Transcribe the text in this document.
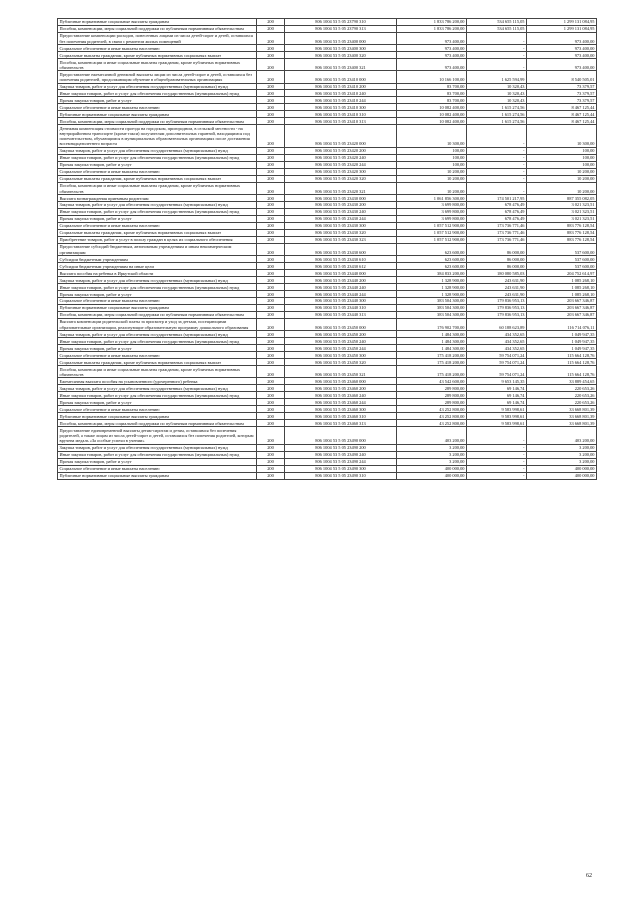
Публичные нормативные социальные выплаты гражданам	200	806 1004 53 5 05 23790 310	1 833 786 200,00	534 655 115,05	1 299 131 084,95
Пособия, компенсации, меры социальной поддержки по публичным нормативным обязательствам	200	806 1004 53 5 05 23790 313	1 833 786 200,00	534 655 115,05	1 299 131 084,95
Предоставление компенсации расходов, понесенных лицами из числа детей-сирот и детей, оставшихся без попечения родителей, в связи с ремонтом жилых помещений	200	806 1004 53 5 05 23400 000	973 400,00	-	973 400,00
Социальное обеспечение и иные выплаты населению	200	806 1004 53 5 05 23400 300	973 400,00	-	973 400,00
Социальные выплаты гражданам, кроме публичных нормативных социальных выплат	200	806 1004 53 5 05 23400 320	973 400,00	-	973 400,00
Пособия, компенсации и иные социальные выплаты гражданам, кроме публичных нормативных обязательств	200	806 1004 53 5 05 23400 321	973 400,00	-	973 400,00
Предоставление ежемесячной денежной выплаты лицам из числа детей-сирот и детей, оставшихся без попечения родителей, продолжающим обучение в общеобразовательных организациях	200	806 1004 53 5 05 23410 000	10 166 100,00	1 625 594,99	8 540 505,01
Закупка товаров, работ и услуг для обеспечения государственных (муниципальных) нужд	200	806 1004 53 5 05 23410 200	83 700,00	10 320,43	73 379,57
Иные закупки товаров, работ и услуг для обеспечения государственных (муниципальных) нужд	200	806 1004 53 5 05 23410 240	83 700,00	10 320,43	73 379,57
Прочая закупка товаров, работ и услуг	200	806 1004 53 5 05 23410 244	83 700,00	10 320,43	73 379,57
Социальное обеспечение и иные выплаты населению	200	806 1004 53 5 05 23410 300	10 082 400,00	1 615 274,56	8 467 125,44
Публичные нормативные социальные выплаты гражданам	200	806 1004 53 5 05 23410 310	10 082 400,00	1 615 274,56	8 467 125,44
Пособия, компенсации, меры социальной поддержки по публичным нормативным обязательствам	200	806 1004 53 5 05 23410 313	10 082 400,00	1 615 274,56	8 467 125,44
Денежная компенсация стоимости проезда на городском, пригородном, в сельской местности - на внутрирайонном транспорте (кроме такси) получателям дополнительных гарантий, находящимся под попечительством, обучающимся в муниципальных образовательных организациях после достижения восемнадцатилетнего возраста	200	806 1004 53 5 05 23420 000	10 300,00	-	10 300,00
Закупка товаров, работ и услуг для обеспечения государственных (муниципальных) нужд	200	806 1004 53 5 05 23420 200	100,00	-	100,00
Иные закупки товаров, работ и услуг для обеспечения государственных (муниципальных) нужд	200	806 1004 53 5 05 23420 240	100,00	-	100,00
Прочая закупка товаров, работ и услуг	200	806 1004 53 5 05 23420 244	100,00	-	100,00
Социальное обеспечение и иные выплаты населению	200	806 1004 53 5 05 23420 300	10 200,00	-	10 200,00
Социальные выплаты гражданам, кроме публичных нормативных социальных выплат	200	806 1004 53 5 05 23420 320	10 200,00	-	10 200,00
Пособия, компенсации и иные социальные выплаты гражданам, кроме публичных нормативных обязательств	200	806 1004 53 5 05 23420 321	10 200,00	-	10 200,00
Выплата вознаграждения приемным родителям	200	806 1004 53 5 05 23430 000	1 061 856 300,00	174 501 217,95	887 355 082,05
Закупка товаров, работ и услуг для обеспечения государственных (муниципальных) нужд	200	806 1004 53 5 05 23430 200	3 699 800,00	678 476,49	3 021 323,51
Иные закупки товаров, работ и услуг для обеспечения государственных (муниципальных) нужд	200	806 1004 53 5 05 23430 240	3 699 800,00	678 476,49	3 021 323,51
Прочая закупка товаров, работ и услуг	200	806 1004 53 5 05 23430 244	3 699 800,00	678 476,49	3 021 323,51
Социальное обеспечение и иные выплаты населению	200	806 1004 53 5 05 23430 300	1 057 512 900,00	173 736 771,46	883 776 128,54
Социальные выплаты гражданам, кроме публичных нормативных социальных выплат	200	806 1004 53 5 05 23430 320	1 057 512 900,00	173 736 771,46	883 776 128,54
Приобретение товаров, работ и услуг в пользу граждан в целях их социального обеспечения	200	806 1004 53 5 05 23430 323	1 057 512 900,00	173 736 771,46	883 776 128,54
Предоставление субсидий бюджетным, автономным учреждениям и иным некоммерческим организациям	200	806 1004 53 5 05 23430 600	623 600,00	86 000,00	537 600,00
Субсидии бюджетным учреждениям	200	806 1004 53 5 05 23430 610	623 600,00	86 000,00	537 600,00
Субсидии бюджетным учреждениям на иные цели	200	806 1004 53 5 05 23430 612	623 600,00	86 000,00	537 600,00
Выплата пособия на ребенка в Иркутской области	200	806 1004 53 5 05 23440 000	384 833 200,00	180 080 585,03	204 752 614,97
Закупка товаров, работ и услуг для обеспечения государственных (муниципальных) нужд	200	806 1004 53 5 05 23440 200	1 328 900,00	243 631,90	1 085 268,10
Иные закупки товаров, работ и услуг для обеспечения государственных (муниципальных) нужд	200	806 1004 53 5 05 23440 240	1 328 900,00	243 631,90	1 085 268,10
Прочая закупка товаров, работ и услуг	200	806 1004 53 5 05 23440 244	1 328 900,00	243 631,90	1 085 268,10
Социальное обеспечение и иные выплаты населению	200	806 1004 53 5 05 23440 300	383 504 300,00	179 836 953,13	203 667 346,87
Публичные нормативные социальные выплаты гражданам	200	806 1004 53 5 05 23440 310	383 504 300,00	179 836 953,13	203 667 346,87
Пособия, компенсации, меры социальной поддержки по публичным нормативным обязательствам	200	806 1004 53 5 05 23440 313	383 504 300,00	179 836 953,13	203 667 346,87
Выплата компенсации родительской платы за присмотр и уход за детьми, посещающими образовательные организации, реализующие образовательную программу дошкольного образования	200	806 1004 53 5 05 23450 000	176 902 700,00	60 188 623,89	116 714 076,11
Закупка товаров, работ и услуг для обеспечения государственных (муниципальных) нужд	200	806 1004 53 5 05 23450 200	1 484 300,00	434 352,65	1 049 947,35
Иные закупки товаров, работ и услуг для обеспечения государственных (муниципальных) нужд	200	806 1004 53 5 05 23450 240	1 484 300,00	434 352,65	1 049 947,35
Прочая закупка товаров, работ и услуг	200	806 1004 53 5 05 23450 244	1 484 300,00	434 352,65	1 049 947,35
Социальное обеспечение и иные выплаты населению	200	806 1004 53 5 05 23450 300	175 418 200,00	59 754 071,24	115 664 128,76
Социальные выплаты гражданам, кроме публичных нормативных социальных выплат	200	806 1004 53 5 05 23450 320	175 418 200,00	59 754 071,24	115 664 128,76
Пособия, компенсации и иные социальные выплаты гражданам, кроме публичных нормативных обязательств	200	806 1004 53 5 05 23450 321	175 418 200,00	59 754 071,24	115 664 128,76
Ежемесячная выплата пособия на усыновленного (удочеренного) ребенка	200	806 1004 53 5 05 23460 000	43 542 600,00	9 653 145,35	33 889 454,65
Закупка товаров, работ и услуг для обеспечения государственных (муниципальных) нужд	200	806 1004 53 5 05 23460 200	289 800,00	69 146,74	220 653,26
Иные закупки товаров, работ и услуг для обеспечения государственных (муниципальных) нужд	200	806 1004 53 5 05 23460 240	289 800,00	69 146,74	220 653,26
Прочая закупка товаров, работ и услуг	200	806 1004 53 5 05 23460 244	289 800,00	69 146,74	220 653,26
Социальное обеспечение и иные выплаты населению	200	806 1004 53 5 05 23460 300	43 252 800,00	9 583 998,61	33 668 801,39
Публичные нормативные социальные выплаты гражданам	200	806 1004 53 5 05 23460 310	43 252 800,00	9 583 998,61	33 668 801,39
Пособия, компенсации, меры социальной поддержки по публичным нормативным обязательствам	200	806 1004 53 5 05 23460 313	43 252 800,00	9 583 998,61	33 668 801,39
Предоставление единовременной выплаты детям-сиротам и детям, оставшимся без попечения родителей, а также лицам из числа детей-сирот и детей, оставшихся без попечения родителей, которым вручена медаль «За особые успехи в учении»	200	806 1004 53 5 05 23490 000	403 200,00	-	403 200,00
Закупка товаров, работ и услуг для обеспечения государственных (муниципальных) нужд	200	806 1004 53 5 05 23490 200	3 200,00	-	3 200,00
Иные закупки товаров, работ и услуг для обеспечения государственных (муниципальных) нужд	200	806 1004 53 5 05 23490 240	3 200,00	-	3 200,00
Прочая закупка товаров, работ и услуг	200	806 1004 53 5 05 23490 244	3 200,00	-	3 200,00
Социальное обеспечение и иные выплаты населению	200	806 1004 53 5 05 23490 300	400 000,00	-	400 000,00
Публичные нормативные социальные выплаты гражданам	200	806 1004 53 5 05 23490 310	400 000,00	-	400 000,00
62
